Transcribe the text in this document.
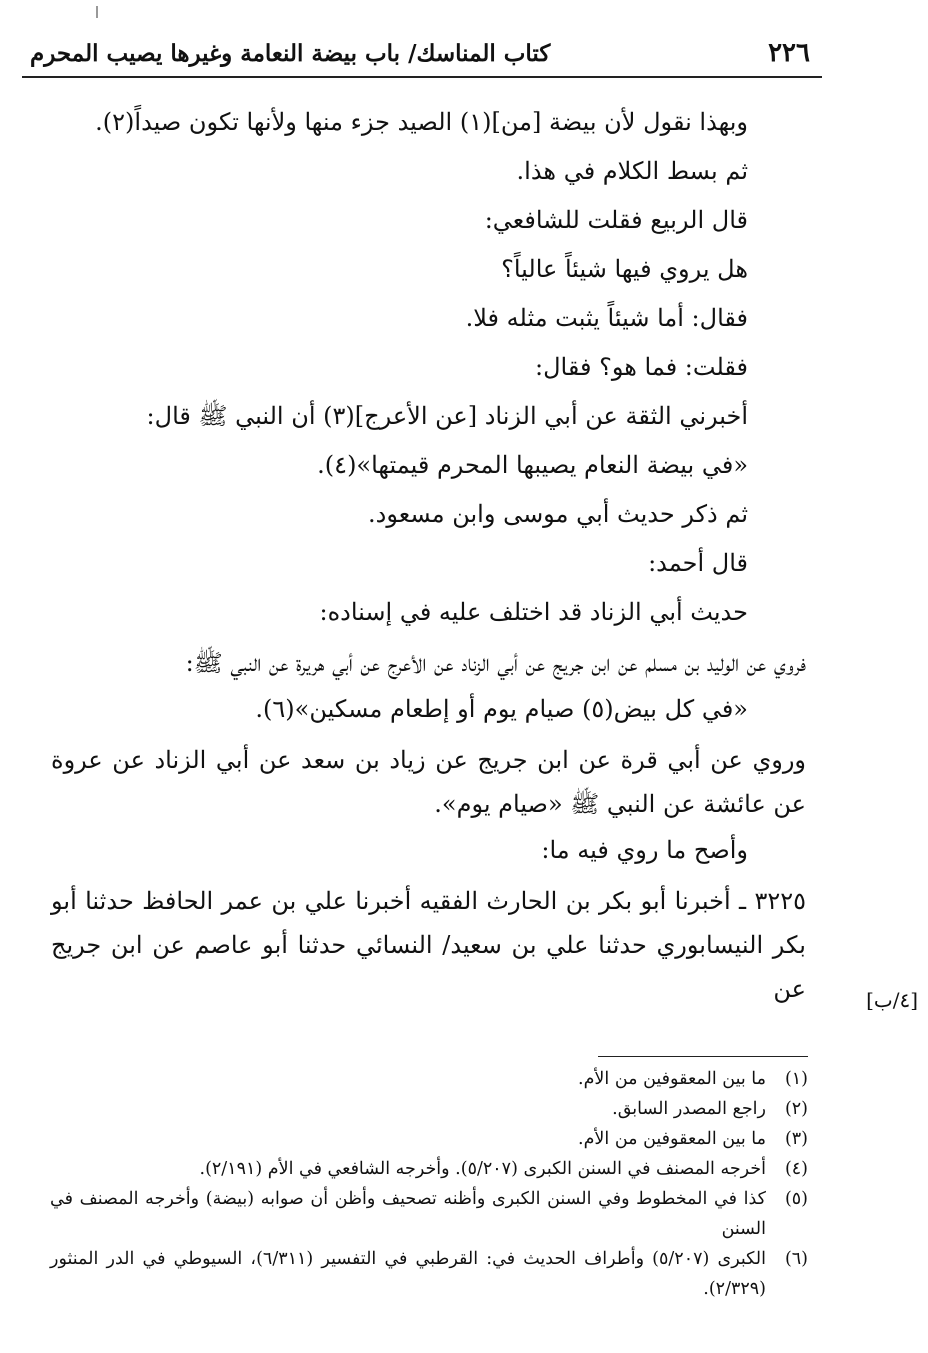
٢٢٦
كتاب المناسك/ باب بيضة النعامة وغيرها يصيب المحرم
وبهذا نقول لأن بيضة [من](١) الصيد جزء منها ولأنها تكون صيداً(٢).
ثم بسط الكلام في هذا.
قال الربيع فقلت للشافعي:
هل يروي فيها شيئاً عالياً؟
فقال: أما شيئاً يثبت مثله فلا.
فقلت: فما هو؟ فقال:
أخبرني الثقة عن أبي الزناد [عن الأعرج](٣) أن النبي ﷺ قال:
«في بيضة النعام يصيبها المحرم قيمتها»(٤).
ثم ذكر حديث أبي موسى وابن مسعود.
قال أحمد:
حديث أبي الزناد قد اختلف عليه في إسناده:
فروي عن الوليد بن مسلم عن ابن جريج عن أبي الزناد عن الأعرج عن أبي هريرة عن النبي ﷺ:
«في كل بيض(٥) صيام يوم أو إطعام مسكين»(٦).
وروي عن أبي قرة عن ابن جريج عن زياد بن سعد عن أبي الزناد عن عروة عن عائشة عن النبي ﷺ «صيام يوم».
وأصح ما روي فيه ما:
٣٢٢٥ ـ أخبرنا أبو بكر بن الحارث الفقيه أخبرنا علي بن عمر الحافظ حدثنا أبو بكر النيسابوري حدثنا علي بن سعيد/ النسائي حدثنا أبو عاصم عن ابن جريج عن	[٤/ب]
(١)
ما بين المعقوفين من الأم.
(٢)
راجع المصدر السابق.
(٣)
ما بين المعقوفين من الأم.
(٤)
أخرجه المصنف في السنن الكبرى (٥/٢٠٧). وأخرجه الشافعي في الأم (٢/١٩١).
(٥)
كذا في المخطوط وفي السنن الكبرى وأظنه تصحيف وأظن أن صوابه (بيضة) وأخرجه المصنف في السنن
(٦)
الكبرى (٥/٢٠٧) وأطراف الحديث في: القرطبي في التفسير (٦/٣١١)، السيوطي في الدر المنثور (٢/٣٢٩).
